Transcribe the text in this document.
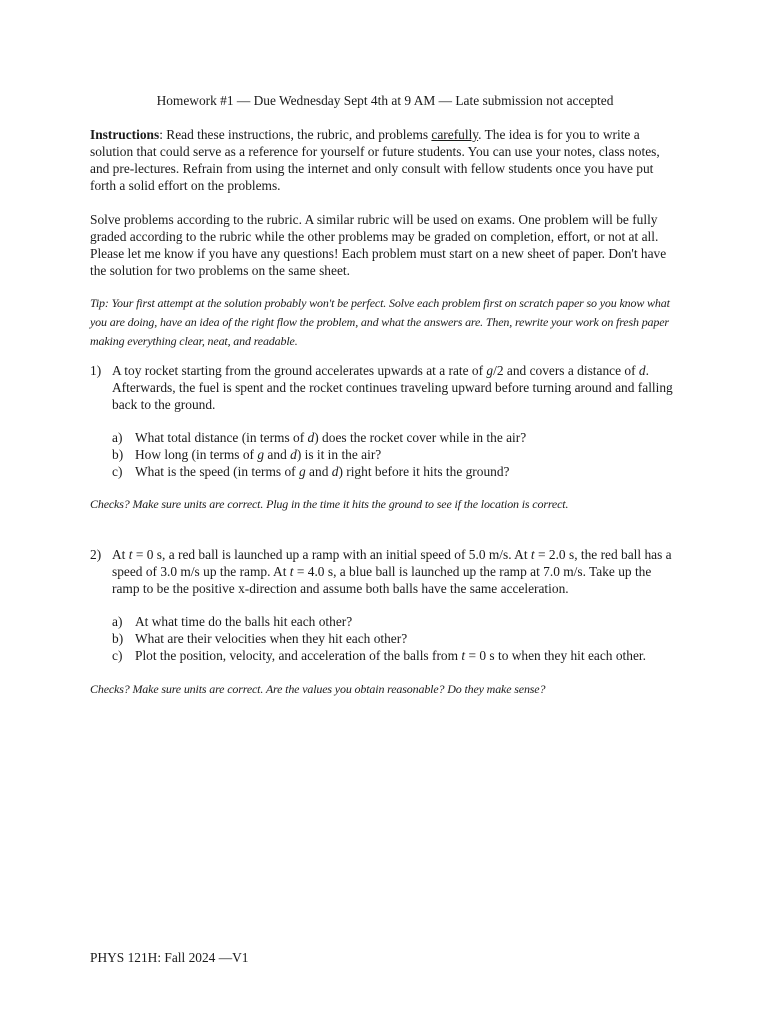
Homework #1 — Due Wednesday Sept 4th at 9 AM — Late submission not accepted

Instructions: Read these instructions, the rubric, and problems carefully. The idea is for you to write a solution that could serve as a reference for yourself or future students. You can use your notes, class notes, and pre-lectures. Refrain from using the internet and only consult with fellow students once you have put forth a solid effort on the problems.

Solve problems according to the rubric. A similar rubric will be used on exams. One problem will be fully graded according to the rubric while the other problems may be graded on completion, effort, or not at all. Please let me know if you have any questions! Each problem must start on a new sheet of paper. Don't have the solution for two problems on the same sheet.

Tip: Your first attempt at the solution probably won't be perfect. Solve each problem first on scratch paper so you know what you are doing, have an idea of the right flow the problem, and what the answers are. Then, rewrite your work on fresh paper making everything clear, neat, and readable.

1) A toy rocket starting from the ground accelerates upwards at a rate of g/2 and covers a distance of d. Afterwards, the fuel is spent and the rocket continues traveling upward before turning around and falling back to the ground.
a) What total distance (in terms of d) does the rocket cover while in the air?
b) How long (in terms of g and d) is it in the air?
c) What is the speed (in terms of g and d) right before it hits the ground?
Checks? Make sure units are correct. Plug in the time it hits the ground to see if the location is correct.
2) At t = 0 s, a red ball is launched up a ramp with an initial speed of 5.0 m/s. At t = 2.0 s, the red ball has a speed of 3.0 m/s up the ramp. At t = 4.0 s, a blue ball is launched up the ramp at 7.0 m/s. Take up the ramp to be the positive x-direction and assume both balls have the same acceleration.
a) At what time do the balls hit each other?
b) What are their velocities when they hit each other?
c) Plot the position, velocity, and acceleration of the balls from t = 0 s to when they hit each other.
Checks? Make sure units are correct. Are the values you obtain reasonable? Do they make sense?
PHYS 121H: Fall 2024 —V1
